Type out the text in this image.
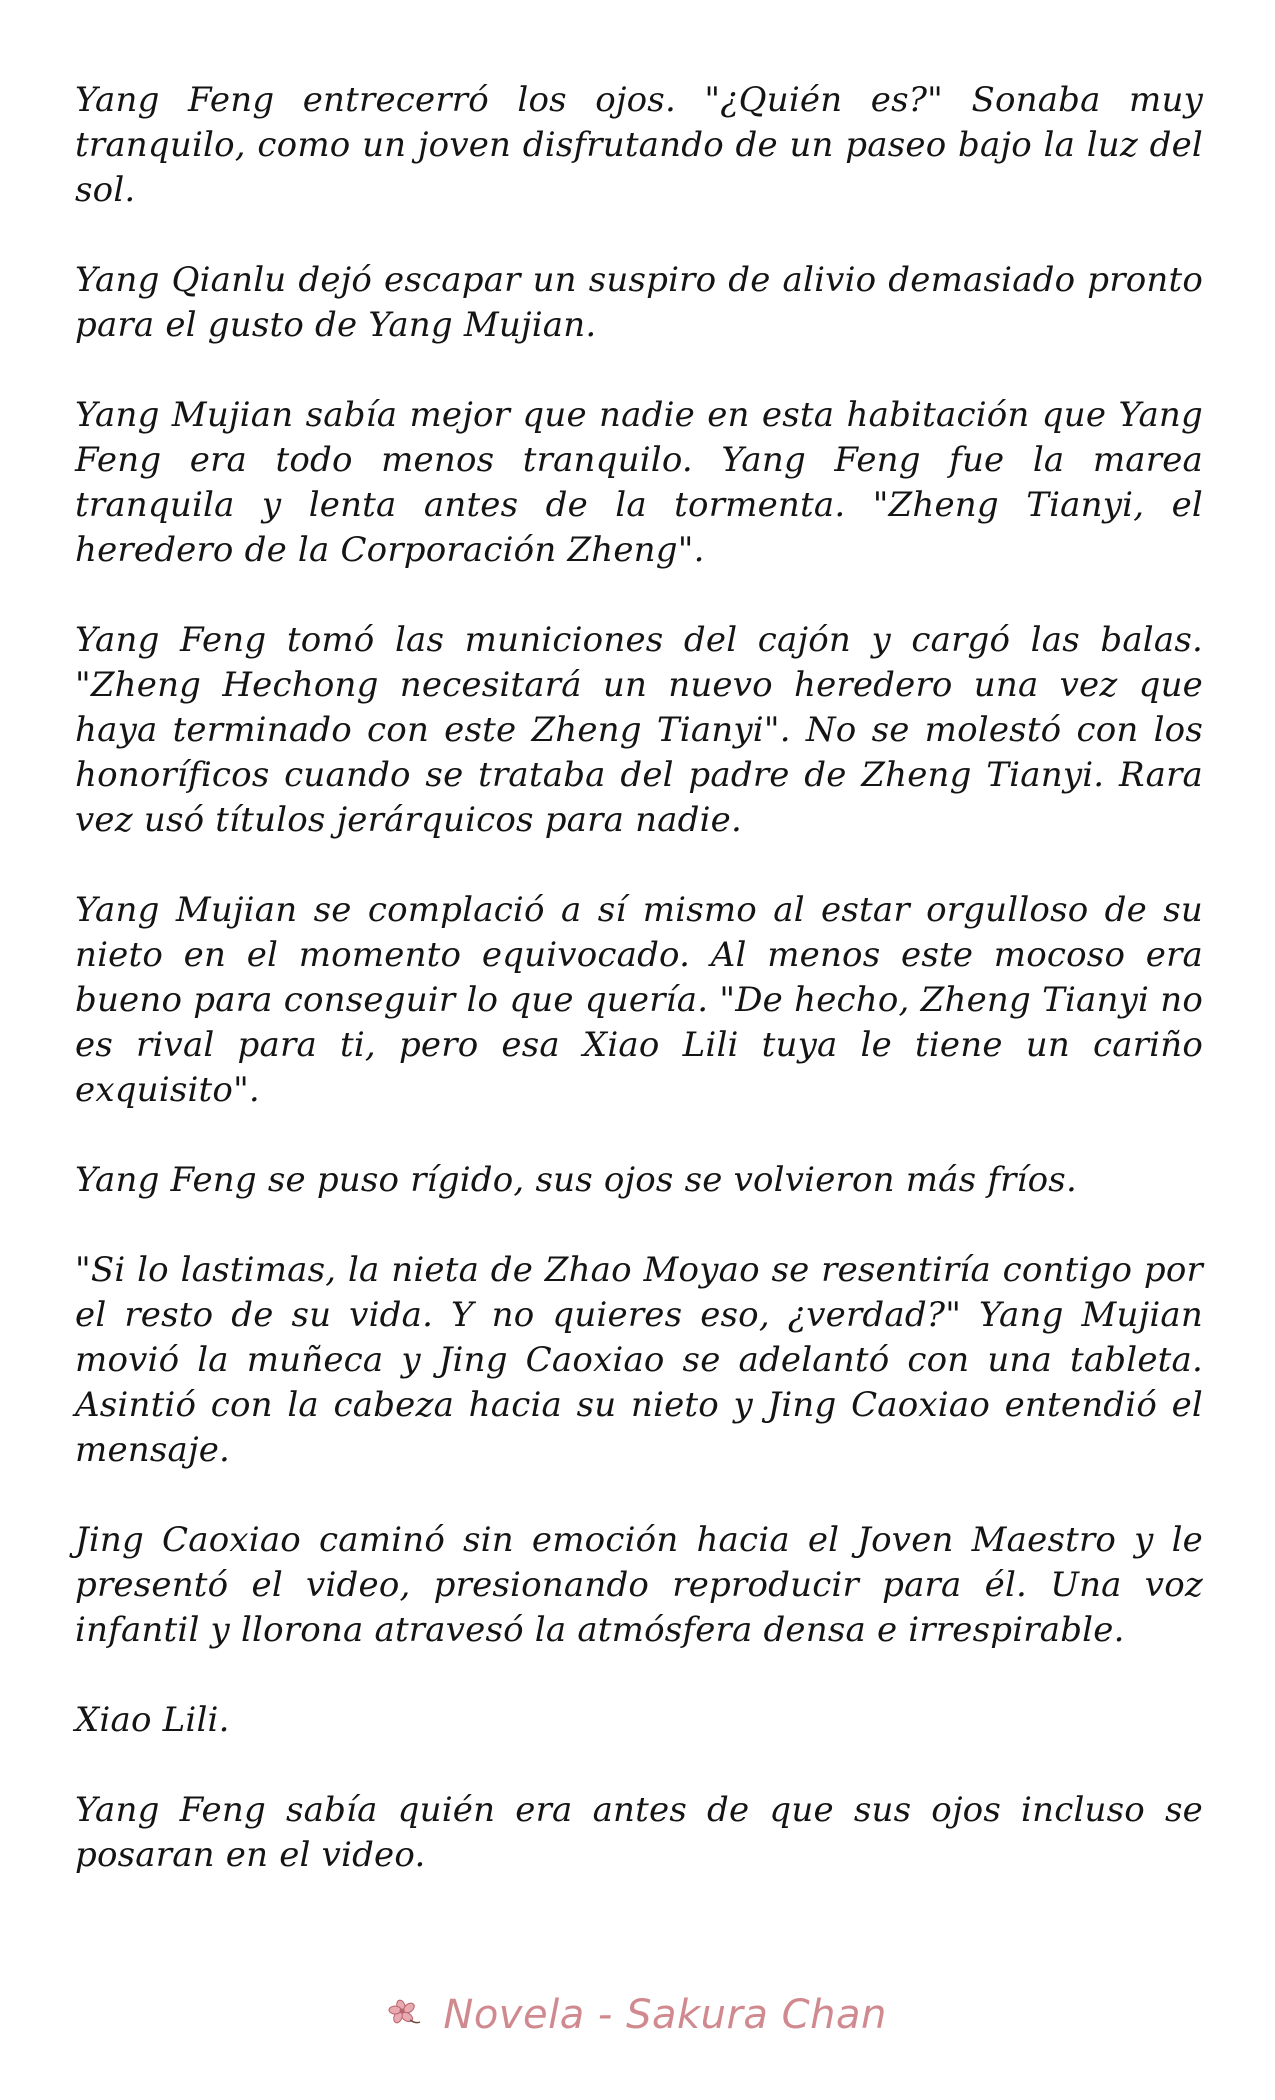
Yang Feng entrecerró los ojos. "¿Quién es?" Sonaba muy tranquilo, como un joven disfrutando de un paseo bajo la luz del sol.

Yang Qianlu dejó escapar un suspiro de alivio demasiado pronto para el gusto de Yang Mujian.

Yang Mujian sabía mejor que nadie en esta habitación que Yang Feng era todo menos tranquilo. Yang Feng fue la marea tranquila y lenta antes de la tormenta. "Zheng Tianyi, el heredero de la Corporación Zheng".

Yang Feng tomó las municiones del cajón y cargó las balas. "Zheng Hechong necesitará un nuevo heredero una vez que haya terminado con este Zheng Tianyi". No se molestó con los honoríficos cuando se trataba del padre de Zheng Tianyi. Rara vez usó títulos jerárquicos para nadie.

Yang Mujian se complació a sí mismo al estar orgulloso de su nieto en el momento equivocado. Al menos este mocoso era bueno para conseguir lo que quería. "De hecho, Zheng Tianyi no es rival para ti, pero esa Xiao Lili tuya le tiene un cariño exquisito".

Yang Feng se puso rígido, sus ojos se volvieron más fríos.

"Si lo lastimas, la nieta de Zhao Moyao se resentiría contigo por el resto de su vida. Y no quieres eso, ¿verdad?" Yang Mujian movió la muñeca y Jing Caoxiao se adelantó con una tableta. Asintió con la cabeza hacia su nieto y Jing Caoxiao entendió el mensaje.

Jing Caoxiao caminó sin emoción hacia el Joven Maestro y le presentó el video, presionando reproducir para él. Una voz infantil y llorona atravesó la atmósfera densa e irrespirable.

Xiao Lili.

Yang Feng sabía quién era antes de que sus ojos incluso se posaran en el video.

Novela - Sakura Chan
